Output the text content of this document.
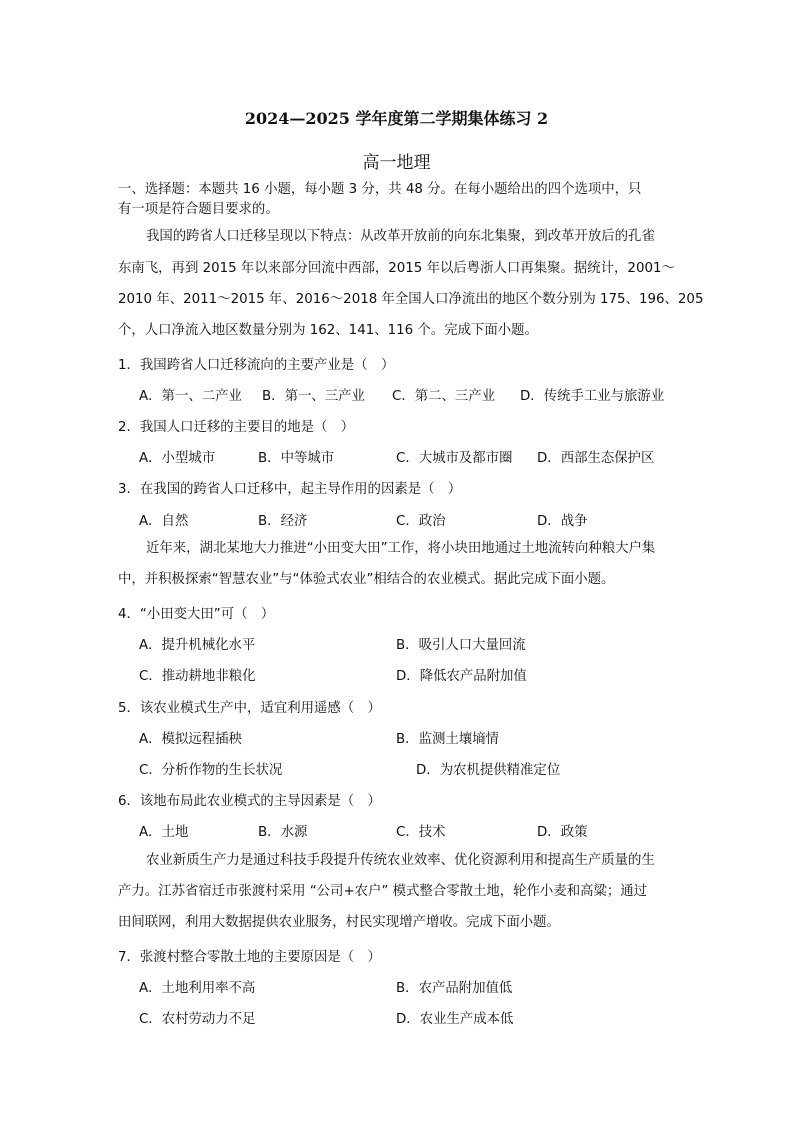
2024—2025 学年度第二学期集体练习 2
高一地理
一、选择题：本题共 16 小题，每小题 3 分，共 48 分。在每小题给出的四个选项中，只
有一项是符合题目要求的。
我国的跨省人口迁移呈现以下特点：从改革开放前的向东北集聚，到改革开放后的孔雀
东南飞，再到 2015 年以来部分回流中西部，2015 年以后粤浙人口再集聚。据统计，2001～
2010 年、2011～2015 年、2016～2018 年全国人口净流出的地区个数分别为 175、196、205
个，人口净流入地区数量分别为 162、141、116 个。完成下面小题。
1．我国跨省人口迁移流向的主要产业是（　）
A．第一、二产业 B．第一、三产业 C．第二、三产业 D．传统手工业与旅游业
2．我国人口迁移的主要目的地是（　）
A．小型城市	B．中等城市	C．大城市及都市圈 D．西部生态保护区
3．在我国的跨省人口迁移中，起主导作用的因素是（　）
A．自然	B．经济	C．政治	D．战争
近年来，湖北某地大力推进“小田变大田”工作，将小块田地通过土地流转向种粮大户集
中，并积极探索“智慧农业”与“体验式农业”相结合的农业模式。据此完成下面小题。
4．“小田变大田”可（　）
A．提升机械化水平	B．吸引人口大量回流
C．推动耕地非粮化	D．降低农产品附加值
5．该农业模式生产中，适宜利用遥感（　）
A．模拟远程插秧	B．监测土壤墒情
C．分析作物的生长状况	D．为农机提供精准定位
6．该地布局此农业模式的主导因素是（　）
A．土地	B．水源	C．技术	D．政策
农业新质生产力是通过科技手段提升传统农业效率、优化资源利用和提高生产质量的生
产力。江苏省宿迁市张渡村采用 “公司+农户” 模式整合零散土地，轮作小麦和高粱；通过
田间联网，利用大数据提供农业服务，村民实现增产增收。完成下面小题。
7．张渡村整合零散土地的主要原因是（　）
A．土地利用率不高	B．农产品附加值低
C．农村劳动力不足	D．农业生产成本低
